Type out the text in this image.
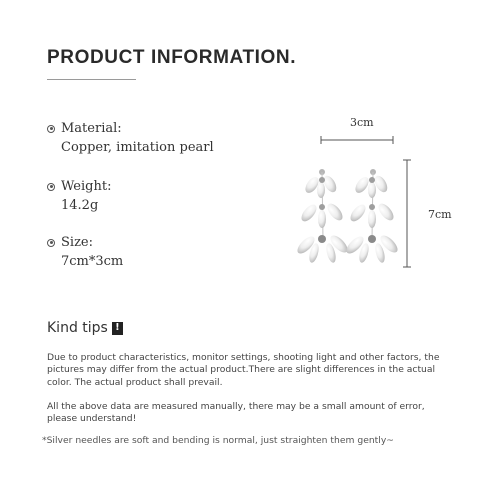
PRODUCT INFORMATION.
Material:
Copper, imitation pearl
Weight:
14.2g
Size:
7cm*3cm
3cm
7cm
Kind tips !
Due to product characteristics, monitor settings, shooting light and other factors, the pictures may differ from the actual product.There are slight differences in the actual color. The actual product shall prevail.
All the above data are measured manually, there may be a small amount of error, please understand!
*Silver needles are soft and bending is normal, just straighten them gently~
